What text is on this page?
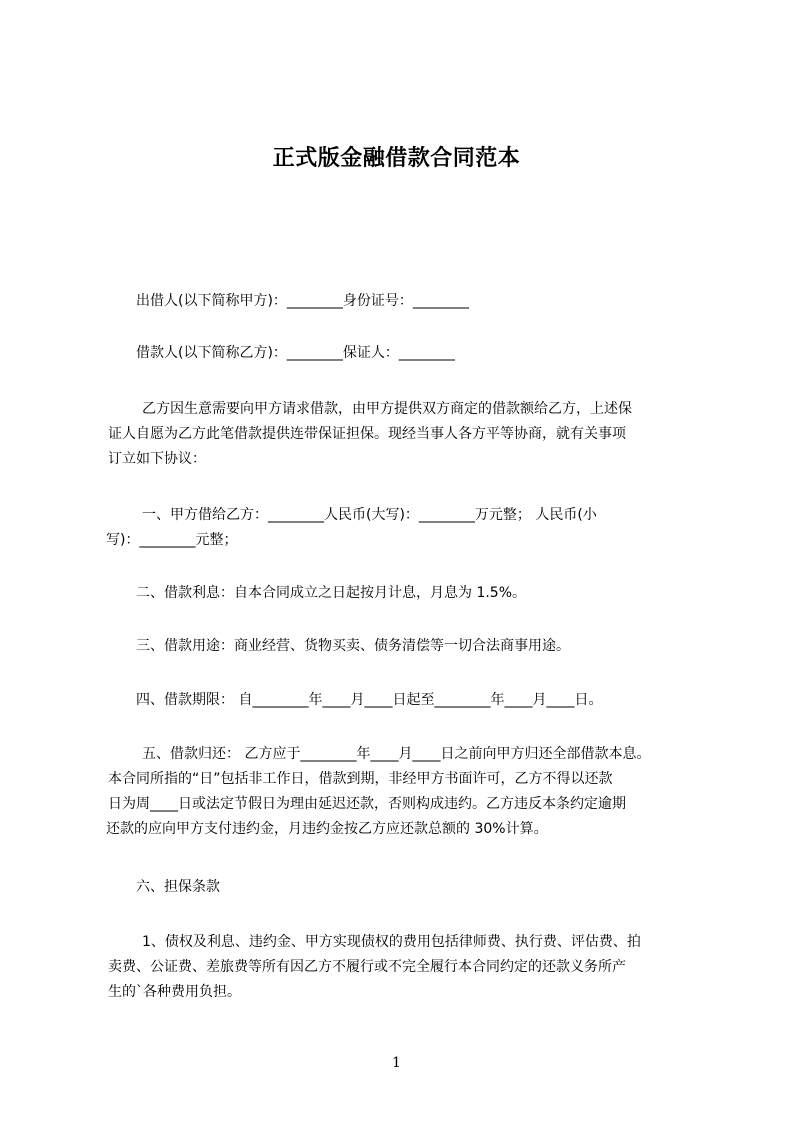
正式版金融借款合同范本
出借人(以下简称甲方)：________身份证号：________
借款人(以下简称乙方)：________保证人：________
乙方因生意需要向甲方请求借款，由甲方提供双方商定的借款额给乙方，上述保
证人自愿为乙方此笔借款提供连带保证担保。现经当事人各方平等协商，就有关事项
订立如下协议：
一、甲方借给乙方：________人民币(大写)：________万元整； 人民币(小
写)：________元整；
二、借款利息：自本合同成立之日起按月计息，月息为 1.5%。
三、借款用途：商业经营、货物买卖、债务清偿等一切合法商事用途。
四、借款期限： 自________年____月____日起至________年____月____日。
五、借款归还： 乙方应于________年____月____日之前向甲方归还全部借款本息。
本合同所指的“日”包括非工作日，借款到期，非经甲方书面许可，乙方不得以还款
日为周____日或法定节假日为理由延迟还款，否则构成违约。乙方违反本条约定逾期
还款的应向甲方支付违约金，月违约金按乙方应还款总额的 30%计算。
六、担保条款
1、债权及利息、违约金、甲方实现债权的费用包括律师费、执行费、评估费、拍
卖费、公证费、差旅费等所有因乙方不履行或不完全履行本合同约定的还款义务所产
生的`各种费用负担。
1
